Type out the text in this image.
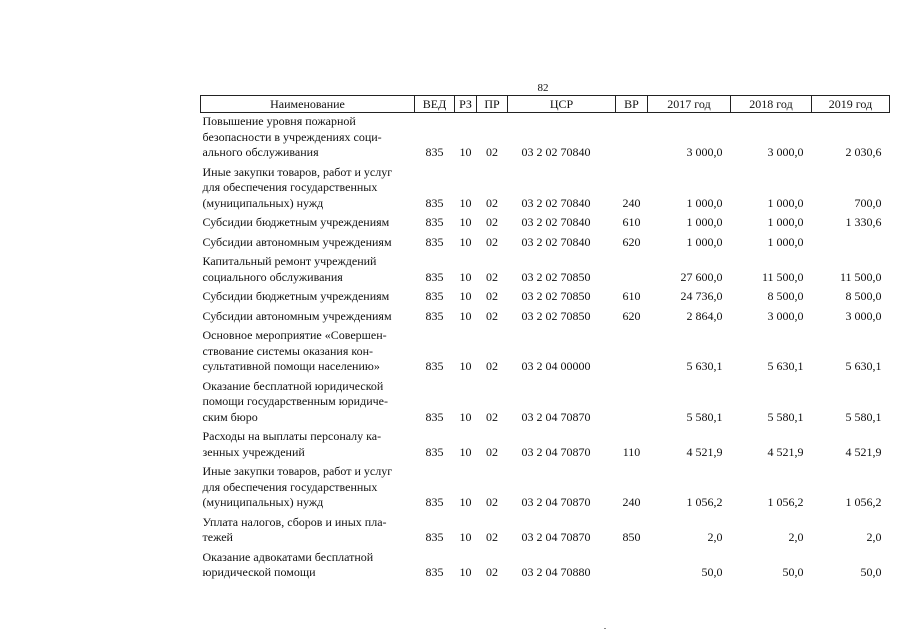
82
Наименование	ВЕД	РЗ	ПР	ЦСР	ВР	2017 год	2018 год	2019 год
Повышение уровня пожарной
безопасности в учреждениях соци-
ального обслуживания	835	10	02	03 2 02 70840		3 000,0	3 000,0	2 030,6
Иные закупки товаров, работ и услуг
для обеспечения государственных
(муниципальных) нужд	835	10	02	03 2 02 70840	240	1 000,0	1 000,0	700,0
Субсидии бюджетным учреждениям	835	10	02	03 2 02 70840	610	1 000,0	1 000,0	1 330,6
Субсидии автономным учреждениям	835	10	02	03 2 02 70840	620	1 000,0	1 000,0	
Капитальный ремонт учреждений
социального обслуживания	835	10	02	03 2 02 70850		27 600,0	11 500,0	11 500,0
Субсидии бюджетным учреждениям	835	10	02	03 2 02 70850	610	24 736,0	8 500,0	8 500,0
Субсидии автономным учреждениям	835	10	02	03 2 02 70850	620	2 864,0	3 000,0	3 000,0
Основное мероприятие «Совершен-
ствование системы оказания кон-
сультативной помощи населению»	835	10	02	03 2 04 00000		5 630,1	5 630,1	5 630,1
Оказание бесплатной юридической
помощи государственным юридиче-
ским бюро	835	10	02	03 2 04 70870		5 580,1	5 580,1	5 580,1
Расходы на выплаты персоналу ка-
зенных учреждений	835	10	02	03 2 04 70870	110	4 521,9	4 521,9	4 521,9
Иные закупки товаров, работ и услуг
для обеспечения государственных
(муниципальных) нужд	835	10	02	03 2 04 70870	240	1 056,2	1 056,2	1 056,2
Уплата налогов, сборов и иных пла-
тежей	835	10	02	03 2 04 70870	850	2,0	2,0	2,0
Оказание адвокатами бесплатной
юридической помощи	835	10	02	03 2 04 70880		50,0	50,0	50,0
